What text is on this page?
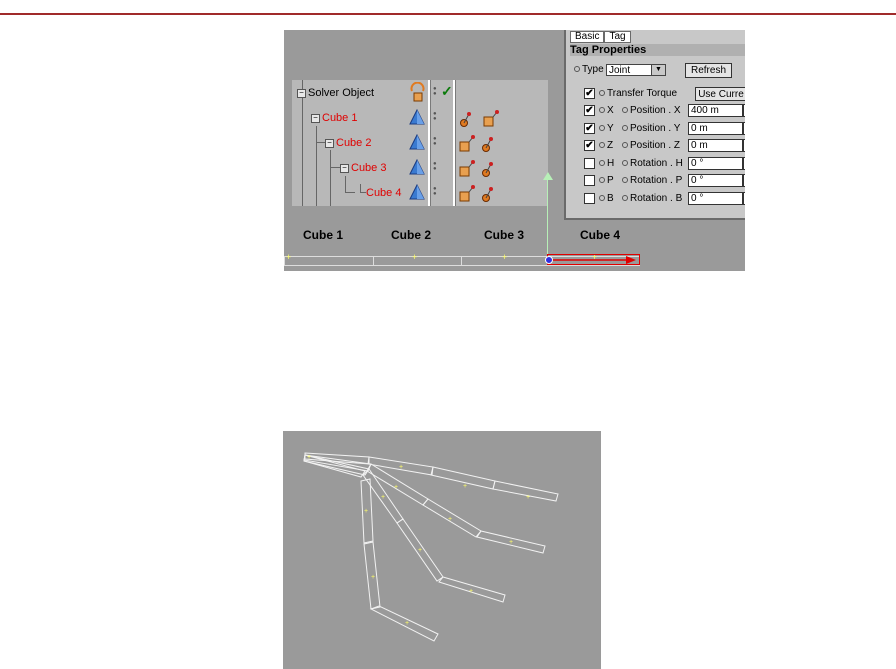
− Solver Object
− Cube 1
− Cube 2
− Cube 3
Cube 4
●
● ✓
●
●
●
●
●
●
●
●
Basic Tag
Tag Properties
Type Joint	▼	Refresh
✔	Transfer Torque	Use Curre
✔	X	Position . X	400 m
✔	Y	Position . Y	0 m
✔	Z	Position . Z	0 m
H	Rotation . H 0 °
P	Rotation . P 0 °
B	Rotation . B 0 °
Cube 1	Cube 2	Cube 3	Cube 4
+	+	+	+
+
+
+
+
+
+
+
+
+
+
+
+
+
